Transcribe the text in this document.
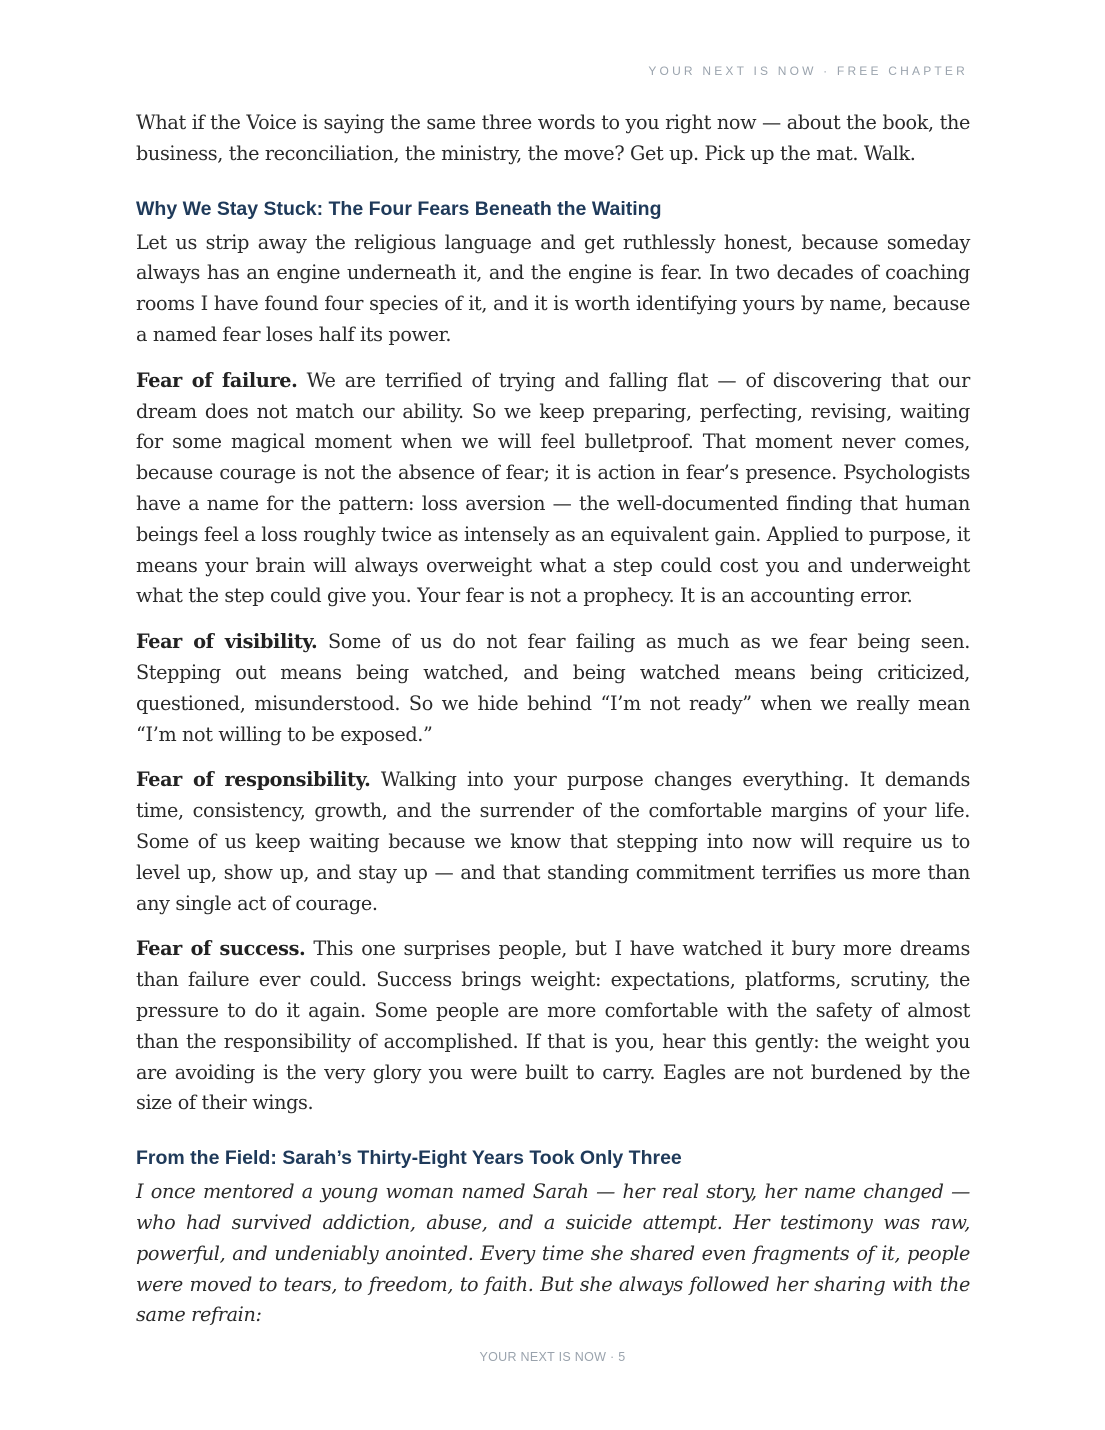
YOUR NEXT IS NOW · FREE CHAPTER

What if the Voice is saying the same three words to you right now — about the book, the business, the reconciliation, the ministry, the move? Get up. Pick up the mat. Walk.

Why We Stay Stuck: The Four Fears Beneath the Waiting

Let us strip away the religious language and get ruthlessly honest, because someday always has an engine underneath it, and the engine is fear. In two decades of coaching rooms I have found four species of it, and it is worth identifying yours by name, because a named fear loses half its power.

Fear of failure. We are terrified of trying and falling flat — of discovering that our dream does not match our ability. So we keep preparing, perfecting, revising, waiting for some magical moment when we will feel bulletproof. That moment never comes, because courage is not the absence of fear; it is action in fear’s presence. Psychologists have a name for the pattern: loss aversion — the well-documented finding that human beings feel a loss roughly twice as intensely as an equivalent gain. Applied to purpose, it means your brain will always overweight what a step could cost you and underweight what the step could give you. Your fear is not a prophecy. It is an accounting error.

Fear of visibility. Some of us do not fear failing as much as we fear being seen. Stepping out means being watched, and being watched means being criticized, questioned, misunderstood. So we hide behind “I’m not ready” when we really mean “I’m not willing to be exposed.”

Fear of responsibility. Walking into your purpose changes everything. It demands time, consistency, growth, and the surrender of the comfortable margins of your life. Some of us keep waiting because we know that stepping into now will require us to level up, show up, and stay up — and that standing commitment terrifies us more than any single act of courage.

Fear of success. This one surprises people, but I have watched it bury more dreams than failure ever could. Success brings weight: expectations, platforms, scrutiny, the pressure to do it again. Some people are more comfortable with the safety of almost than the responsibility of accomplished. If that is you, hear this gently: the weight you are avoiding is the very glory you were built to carry. Eagles are not burdened by the size of their wings.

From the Field: Sarah’s Thirty-Eight Years Took Only Three

I once mentored a young woman named Sarah — her real story, her name changed — who had survived addiction, abuse, and a suicide attempt. Her testimony was raw, powerful, and undeniably anointed. Every time she shared even fragments of it, people were moved to tears, to freedom, to faith. But she always followed her sharing with the same refrain:

YOUR NEXT IS NOW · 5
